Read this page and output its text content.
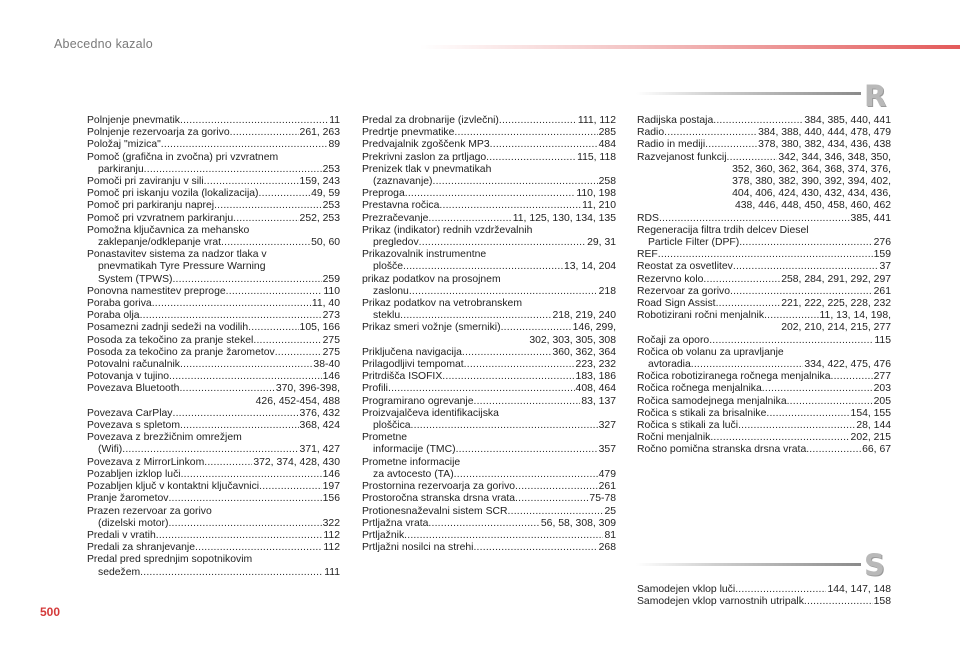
Abecedno kazalo
R
S
Polnjenje pnevmatik .....	11
Polnjenje rezervoarja za gorivo .....	261, 263
Položaj "mizica" .....	89
Pomoč (grafična in zvočna) pri vzvratnem
parkiranju .....	253
Pomoči pri zaviranju v sili .....	159, 243
Pomoč pri iskanju vozila (lokalizacija) .....	49, 59
Pomoč pri parkiranju naprej .....	253
Pomoč pri vzvratnem parkiranju .....	252, 253
Pomožna ključavnica za mehansko
zaklepanje/odklepanje vrat .....	50, 60
Ponastavitev sistema za nadzor tlaka v
pnevmatikah Tyre Pressure Warning
System (TPWS) .....	259
Ponovna namestitev preproge .....	110
Poraba goriva .....	11, 40
Poraba olja .....	273
Posamezni zadnji sedeži na vodilih .....	105, 166
Posoda za tekočino za pranje stekel .....	275
Posoda za tekočino za pranje žarometov .....	275
Potovalni računalnik .....	38-40
Potovanja v tujino .....	146
Povezava Bluetooth .....	370, 396-398,
426, 452-454, 488
Povezava CarPlay .....	376, 432
Povezava s spletom .....	368, 424
Povezava z brezžičnim omrežjem
(Wifi) .....	371, 427
Povezava z MirrorLinkom .....	372, 374, 428, 430
Pozabljen izklop luči .....	146
Pozabljen ključ v kontaktni ključavnici .....	197
Pranje žarometov .....	156
Prazen rezervoar za gorivo
(dizelski motor) .....	322
Predali v vratih .....	112
Predali za shranjevanje .....	112
Predal pred sprednjim sopotnikovim
sedežem .....	111
Predal za drobnarije (izvlečni) .....	111, 112
Predrtje pnevmatike .....	285
Predvajalnik zgoščenk MP3 .....	484
Prekrivni zaslon za prtljago .....	115, 118
Prenizek tlak v pnevmatikah
(zaznavanje) .....	258
Preproga .....	110, 198
Prestavna ročica .....	11, 210
Prezračevanje .....	11, 125, 130, 134, 135
Prikaz (indikator) rednih vzdrževalnih
pregledov .....	29, 31
Prikazovalnik instrumentne
plošče .....	13, 14, 204
prikaz podatkov na prosojnem
zaslonu .....	218
Prikaz podatkov na vetrobranskem
steklu .....	218, 219, 240
Prikaz smeri vožnje (smerniki) .....	146, 299,
302, 303, 305, 308
Priključena navigacija .....	360, 362, 364
Prilagodljivi tempomat .....	223, 232
Pritrdišča ISOFIX .....	183, 186
Profili .....	408, 464
Programirano ogrevanje .....	83, 137
Proizvajalčeva identifikacijska
ploščica .....	327
Prometne
informacije (TMC) .....	357
Prometne informacije
za avtocesto (TA) .....	479
Prostornina rezervoarja za gorivo .....	261
Prostoročna stranska drsna vrata .....	75-78
Protionesnaževalni sistem SCR .....	25
Prtljažna vrata .....	56, 58, 308, 309
Prtljažnik .....	81
Prtljažni nosilci na strehi .....	268
Radijska postaja .....	384, 385, 440, 441
Radio .....	384, 388, 440, 444, 478, 479
Radio in mediji .....	378, 380, 382, 434, 436, 438
Razvejanost funkcij .....	342, 344, 346, 348, 350,
352, 360, 362, 364, 368, 374, 376,
378, 380, 382, 390, 392, 394, 402,
404, 406, 424, 430, 432, 434, 436,
438, 446, 448, 450, 458, 460, 462
RDS .....	385, 441
Regeneracija filtra trdih delcev Diesel
Particle Filter (DPF) .....	276
REF .....	159
Reostat za osvetlitev .....	37
Rezervno kolo .....	258, 284, 291, 292, 297
Rezervoar za gorivo .....	261
Road Sign Assist .....	221, 222, 225, 228, 232
Robotizirani ročni menjalnik .....	11, 13, 14, 198,
202, 210, 214, 215, 277
Ročaji za oporo .....	115
Ročica ob volanu za upravljanje
avtoradia .....	334, 422, 475, 476
Ročica robotiziranega ročnega menjalnika .....	277
Ročica ročnega menjalnika .....	203
Ročica samodejnega menjalnika .....	205
Ročica s stikali za brisalnike .....	154, 155
Ročica s stikali za luči .....	28, 144
Ročni menjalnik .....	202, 215
Ročno pomična stranska drsna vrata .....	66, 67
Samodejen vklop luči .....	144, 147, 148
Samodejen vklop varnostnih utripalk .....	158
500
